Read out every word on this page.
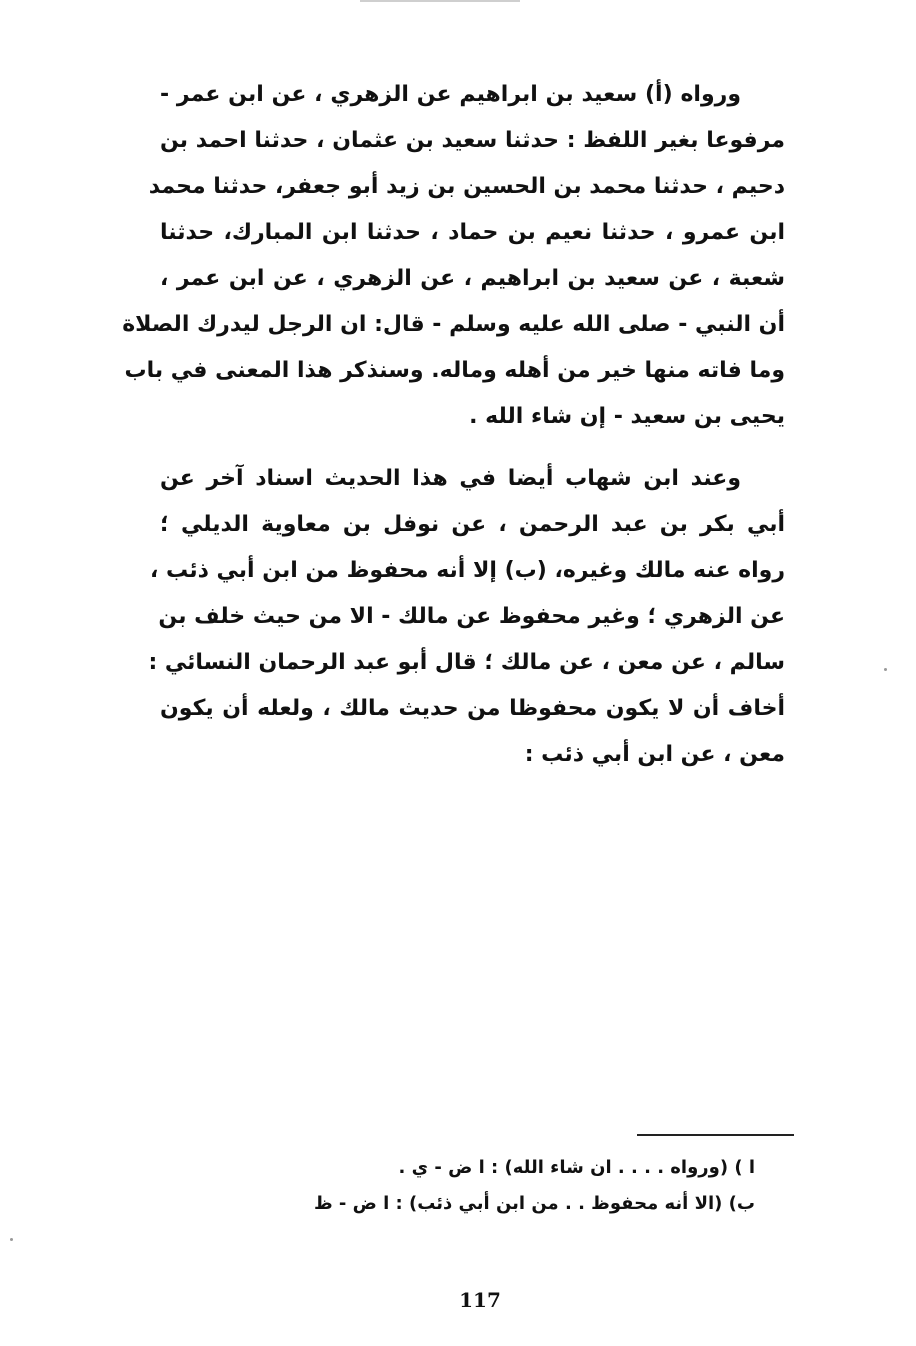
ورواه (أ) سعيد بن ابراهيم عن الزهري ، عن ابن عمر -
مرفوعا بغير اللفظ : حدثنا سعيد بن عثمان ، حدثنا احمد بن
دحيم ، حدثنا محمد بن الحسين بن زيد أبو جعفر، حدثنا محمد
ابن عمرو ، حدثنا نعيم بن حماد ، حدثنا ابن المبارك، حدثنا
شعبة ، عن سعيد بن ابراهيم ، عن الزهري ، عن ابن عمر ،
أن النبي - صلى الله عليه وسلم - قال: ان الرجل ليدرك الصلاة
وما فاته منها خير من أهله وماله. وسنذكر هذا المعنى في باب
يحيى بن سعيد - إن شاء الله .
وعند ابن شهاب أيضا في هذا الحديث اسناد آخر عن
أبي بكر بن عبد الرحمن ، عن نوفل بن معاوية الديلي ؛
رواه عنه مالك وغيره، (ب) إلا أنه محفوظ من ابن أبي ذئب ،
عن الزهري ؛ وغير محفوظ عن مالك - الا من حيث خلف بن
سالم ، عن معن ، عن مالك ؛ قال أبو عبد الرحمان النسائي :
أخاف أن لا يكون محفوظا من حديث مالك ، ولعله أن يكون
معن ، عن ابن أبي ذئب :
ا ) (ورواه . . . . ان شاء الله) : ا ض - ي .
ب) (الا أنه محفوظ . . من ابن أبي ذئب) : ا ض - ظ
117
